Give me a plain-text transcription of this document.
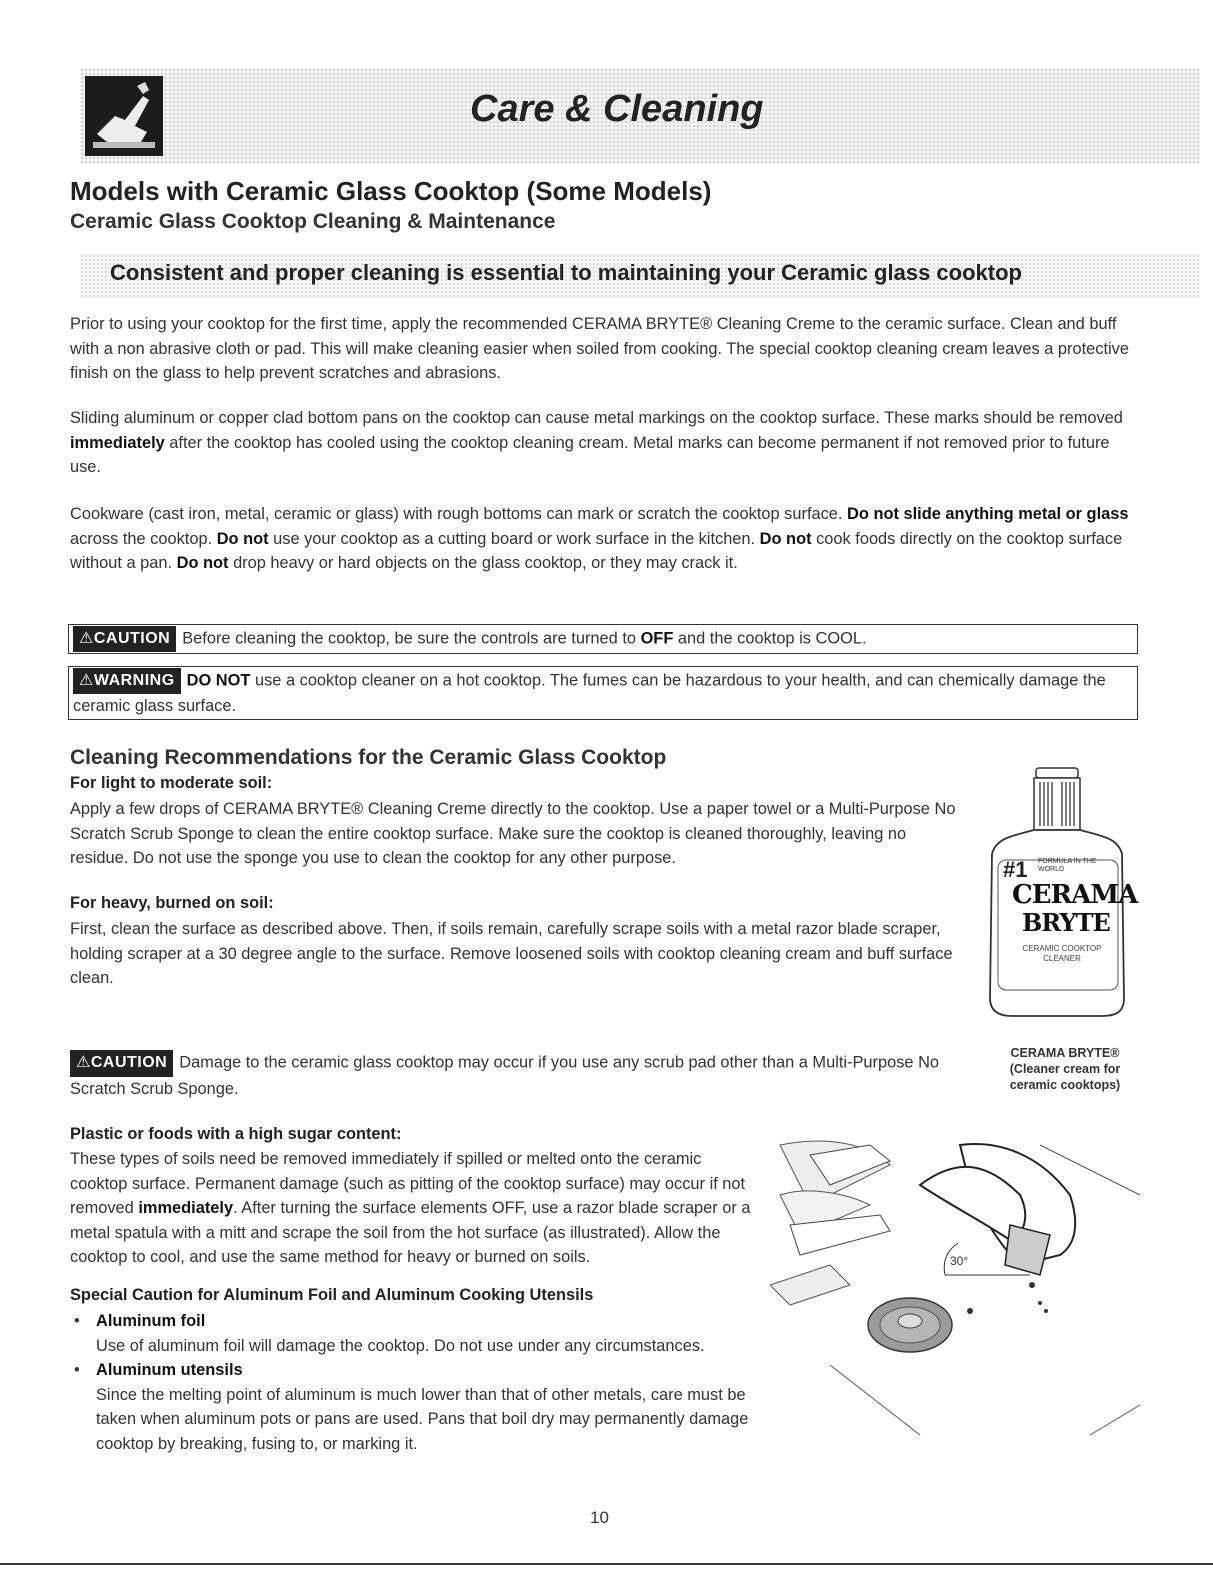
Care & Cleaning
Models with Ceramic Glass Cooktop (Some Models)
Ceramic Glass Cooktop Cleaning & Maintenance
Consistent and proper cleaning is essential to maintaining your Ceramic glass cooktop

Prior to using your cooktop for the first time, apply the recommended CERAMA BRYTE® Cleaning Creme to the ceramic surface. Clean and buff with a non abrasive cloth or pad. This will make cleaning easier when soiled from cooking. The special cooktop cleaning cream leaves a protective finish on the glass to help prevent scratches and abrasions.

Sliding aluminum or copper clad bottom pans on the cooktop can cause metal markings on the cooktop surface. These marks should be removed immediately after the cooktop has cooled using the cooktop cleaning cream. Metal marks can become permanent if not removed prior to future use.

Cookware (cast iron, metal, ceramic or glass) with rough bottoms can mark or scratch the cooktop surface. Do not slide anything metal or glass across the cooktop. Do not use your cooktop as a cutting board or work surface in the kitchen. Do not cook foods directly on the cooktop surface without a pan. Do not drop heavy or hard objects on the glass cooktop, or they may crack it.

⚠CAUTION Before cleaning the cooktop, be sure the controls are turned to OFF and the cooktop is COOL.
⚠WARNING DO NOT use a cooktop cleaner on a hot cooktop. The fumes can be hazardous to your health, and can chemically damage the ceramic glass surface.
Cleaning Recommendations for the Ceramic Glass Cooktop
For light to moderate soil:

Apply a few drops of CERAMA BRYTE® Cleaning Creme directly to the cooktop. Use a paper towel or a Multi-Purpose No Scratch Scrub Sponge to clean the entire cooktop surface. Make sure the cooktop is cleaned thoroughly, leaving no residue. Do not use the sponge you use to clean the cooktop for any other purpose.

For heavy, burned on soil:

First, clean the surface as described above. Then, if soils remain, carefully scrape soils with a metal razor blade scraper, holding scraper at a 30 degree angle to the surface. Remove loosened soils with cooktop cleaning cream and buff surface clean.

#1 FORMULA IN THE WORLD
CERAMA
BRYTE
CERAMIC COOKTOP CLEANER
CERAMA BRYTE®
(Cleaner cream for
ceramic cooktops)

⚠CAUTION Damage to the ceramic glass cooktop may occur if you use any scrub pad other than a Multi-Purpose No Scratch Scrub Sponge.

Plastic or foods with a high sugar content:

These types of soils need be removed immediately if spilled or melted onto the ceramic cooktop surface. Permanent damage (such as pitting of the cooktop surface) may occur if not removed immediately. After turning the surface elements OFF, use a razor blade scraper or a metal spatula with a mitt and scrape the soil from the hot surface (as illustrated). Allow the cooktop to cool, and use the same method for heavy or burned on soils.	30°
Special Caution for Aluminum Foil and Aluminum Cooking Utensils
• Aluminum foil
Use of aluminum foil will damage the cooktop. Do not use under any circumstances.
• Aluminum utensils
Since the melting point of aluminum is much lower than that of other metals, care must be taken when aluminum pots or pans are used. Pans that boil dry may permanently damage cooktop by breaking, fusing to, or marking it.
10
